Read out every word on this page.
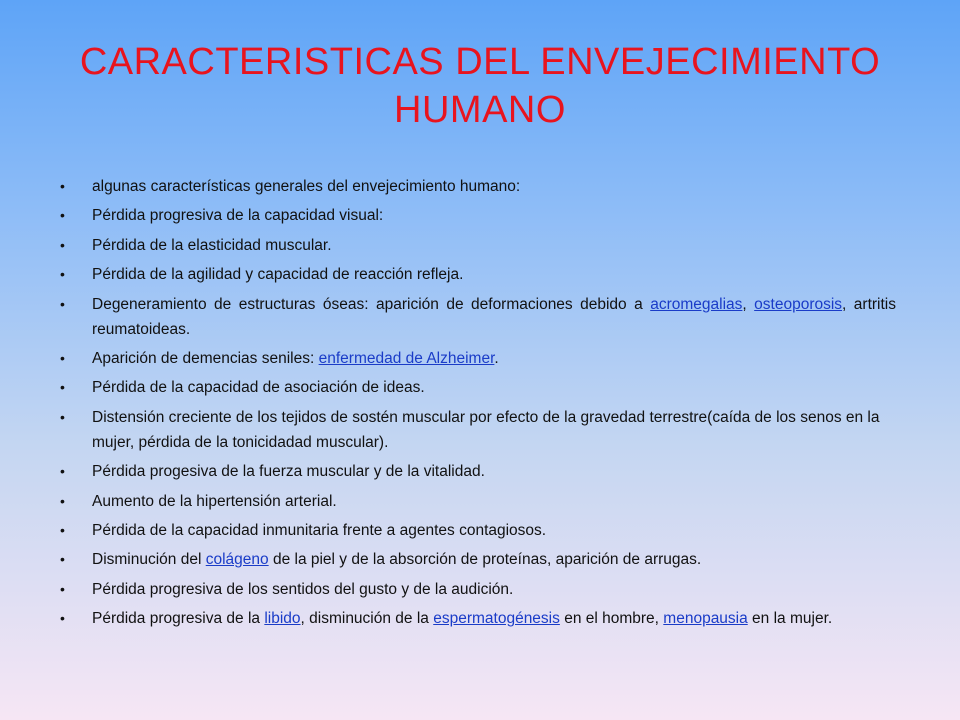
CARACTERISTICAS DEL ENVEJECIMIENTO HUMANO
• algunas características generales del envejecimiento humano:
• Pérdida progresiva de la capacidad visual:
• Pérdida de la elasticidad muscular.
• Pérdida de la agilidad y capacidad de reacción refleja.
• Degeneramiento de estructuras óseas: aparición de deformaciones debido a acromegalias, osteoporosis, artritis reumatoideas.
• Aparición de demencias seniles: enfermedad de Alzheimer.
• Pérdida de la capacidad de asociación de ideas.
• Distensión creciente de los tejidos de sostén muscular por efecto de la gravedad terrestre(caída de los senos en la mujer, pérdida de la tonicidadad muscular).
• Pérdida progesiva de la fuerza muscular y de la vitalidad.
• Aumento de la hipertensión arterial.
• Pérdida de la capacidad inmunitaria frente a agentes contagiosos.
• Disminución del colágeno de la piel y de la absorción de proteínas, aparición de arrugas.
• Pérdida progresiva de los sentidos del gusto y de la audición.
• Pérdida progresiva de la libido, disminución de la espermatogénesis en el hombre, menopausia en la mujer.
